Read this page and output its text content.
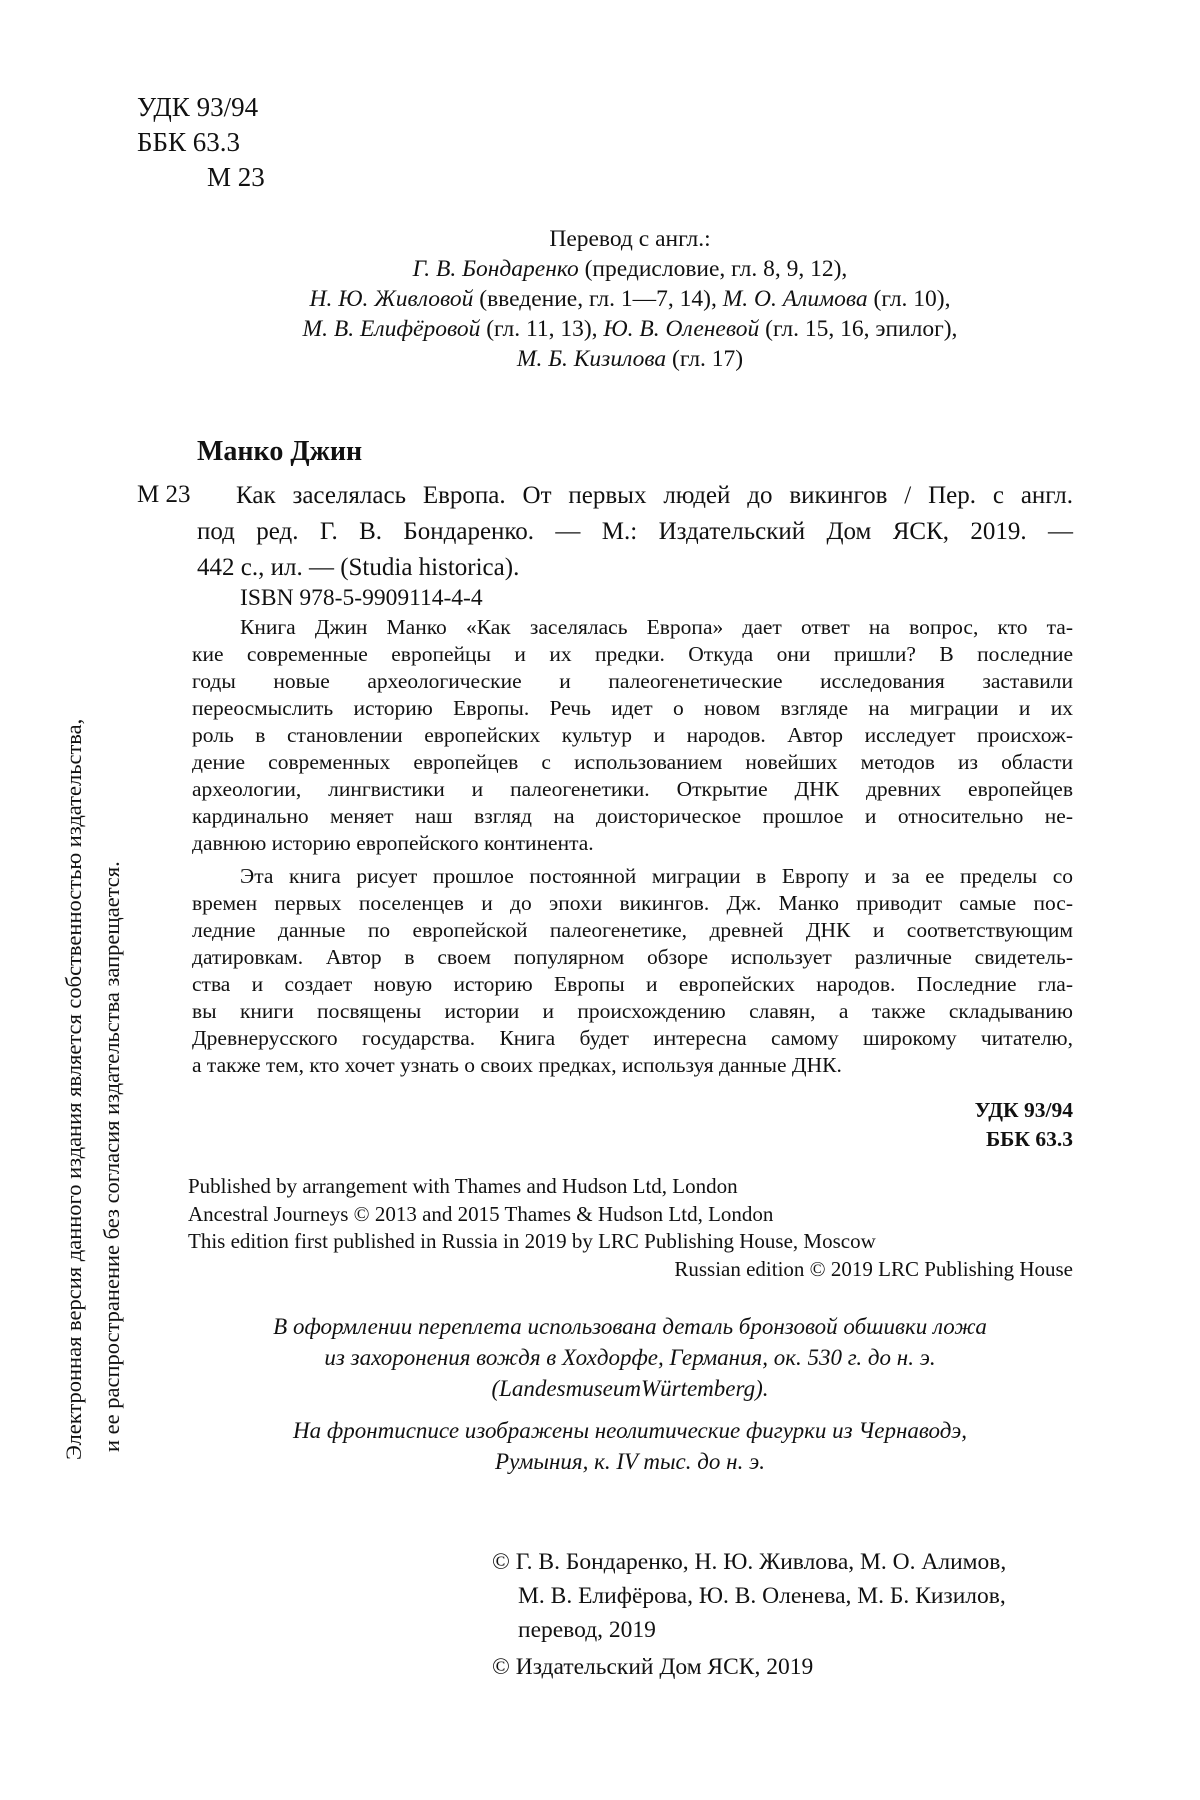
УДК 93/94
ББК 63.3
М 23
Перевод с англ.:
Г. В. Бондаренко (предисловие, гл. 8, 9, 12),
Н. Ю. Живловой (введение, гл. 1—7, 14), М. О. Алимова (гл. 10),
М. В. Елифёровой (гл. 11, 13), Ю. В. Оленевой (гл. 15, 16, эпилог),
М. Б. Кизилова (гл. 17)
Манко Джин
М 23 Как заселялась Европа. От первых людей до викингов / Пер. с англ.
под ред. Г. В. Бондаренко. — М.: Издательский Дом ЯСК, 2019. —
442 с., ил. — (Studia historica).
ISBN 978-5-9909114-4-4
Книга Джин Манко «Как заселялась Европа» дает ответ на вопрос, кто та-
кие современные европейцы и их предки. Откуда они пришли? В последние
годы новые археологические и палеогенетические исследования заставили
переосмыслить историю Европы. Речь идет о новом взгляде на миграции и их
роль в становлении европейских культур и народов. Автор исследует происхож-
дение современных европейцев с использованием новейших методов из области
археологии, лингвистики и палеогенетики. Открытие ДНК древних европейцев
кардинально меняет наш взгляд на доисторическое прошлое и относительно не-
давнюю историю европейского континента.
Эта книга рисует прошлое постоянной миграции в Европу и за ее пределы со
времен первых поселенцев и до эпохи викингов. Дж. Манко приводит самые пос-
ледние данные по европейской палеогенетике, древней ДНК и соответствующим
датировкам. Автор в своем популярном обзоре использует различные свидетель-
ства и создает новую историю Европы и европейских народов. Последние гла-
вы книги посвящены истории и происхождению славян, а также складыванию
Древнерусского государства. Книга будет интересна самому широкому читателю,
а также тем, кто хочет узнать о своих предках, используя данные ДНК.
УДК 93/94
ББК 63.3
Published by arrangement with Thames and Hudson Ltd, London
Ancestral Journeys © 2013 and 2015 Thames & Hudson Ltd, London
This edition first published in Russia in 2019 by LRC Publishing House, Moscow
Russian edition © 2019 LRC Publishing House
В оформлении переплета использована деталь бронзовой обшивки ложа
из захоронения вождя в Хохдорфе, Германия, ок. 530 г. до н. э.
(LandesmuseumWürtemberg).
На фронтисписе изображены неолитические фигурки из Чернаводэ,
Румыния, к. IV тыс. до н. э.
© Г. В. Бондаренко, Н. Ю. Живлова, М. О. Алимов,
М. В. Елифёрова, Ю. В. Оленева, М. Б. Кизилов,
перевод, 2019
© Издательский Дом ЯСК, 2019
Электронная версия данного издания является собственностью издательства, и ее распространение без согласия издательства запрещается.
